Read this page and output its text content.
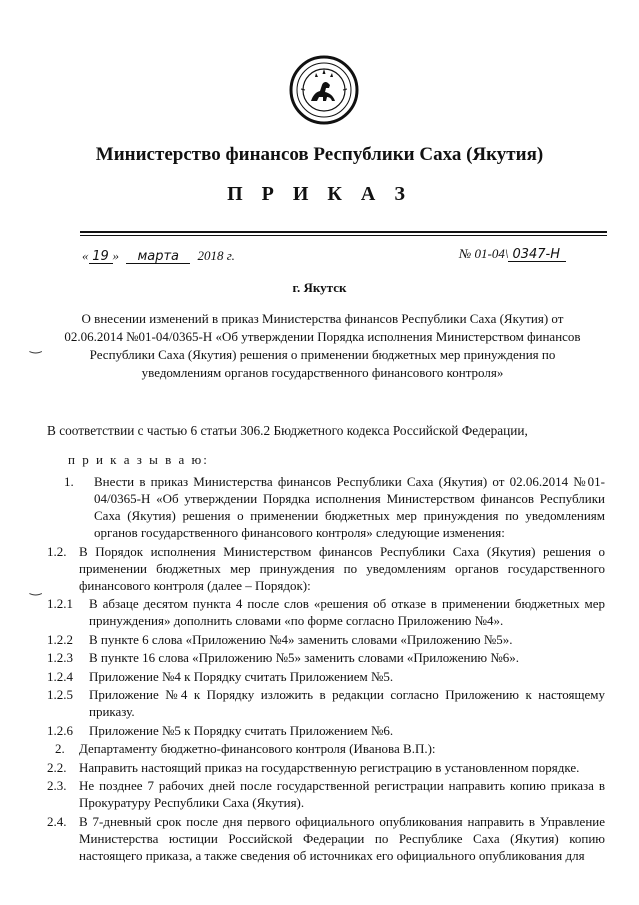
Министерство финансов Республики Саха (Якутия)
П Р И К А З
« 19 » марта 2018 г.	№ 01-04\ 0347-Н
г. Якутск
О внесении изменений в приказ Министерства финансов Республики Саха (Якутия) от 02.06.2014 №01-04/0365-Н «Об утверждении Порядка исполнения Министерством финансов Республики Саха (Якутия) решения о применении бюджетных мер принуждения по уведомлениям органов государственного финансового контроля»
В соответствии с частью 6 статьи 306.2 Бюджетного кодекса Российской Федерации,
п р и к а з ы в а ю:
‿
‿
1.	Внести в приказ Министерства финансов Республики Саха (Якутия) от 02.06.2014 №01-04/0365-Н «Об утверждении Порядка исполнения Министерством финансов Республики Саха (Якутия) решения о применении бюджетных мер принуждения по уведомлениям органов государственного финансового контроля» следующие изменения:
1.2. В Порядок исполнения Министерством финансов Республики Саха (Якутия) решения о применении бюджетных мер принуждения по уведомлениям органов государственного финансового контроля (далее – Порядок):
1.2.1	В абзаце десятом пункта 4 после слов «решения об отказе в применении бюджетных мер принуждения» дополнить словами «по форме согласно Приложению №4».
1.2.2	В пункте 6 слова «Приложению №4» заменить словами «Приложению №5».
1.2.3	В пункте 16 слова «Приложению №5» заменить словами «Приложению №6».
1.2.4	Приложение №4 к Порядку считать Приложением №5.
1.2.5	Приложение №4 к Порядку изложить в редакции согласно Приложению к настоящему приказу.
1.2.6	Приложение №5 к Порядку считать Приложением №6.
2.	Департаменту бюджетно-финансового контроля (Иванова В.П.):
2.2. Направить настоящий приказ на государственную регистрацию в установленном порядке.
2.3. Не позднее 7 рабочих дней после государственной регистрации направить копию приказа в Прокуратуру Республики Саха (Якутия).
2.4. В 7-дневный срок после дня первого официального опубликования направить в Управление Министерства юстиции Российской Федерации по Республике Саха (Якутия) копию настоящего приказа, а также сведения об источниках его официального опубликования для
